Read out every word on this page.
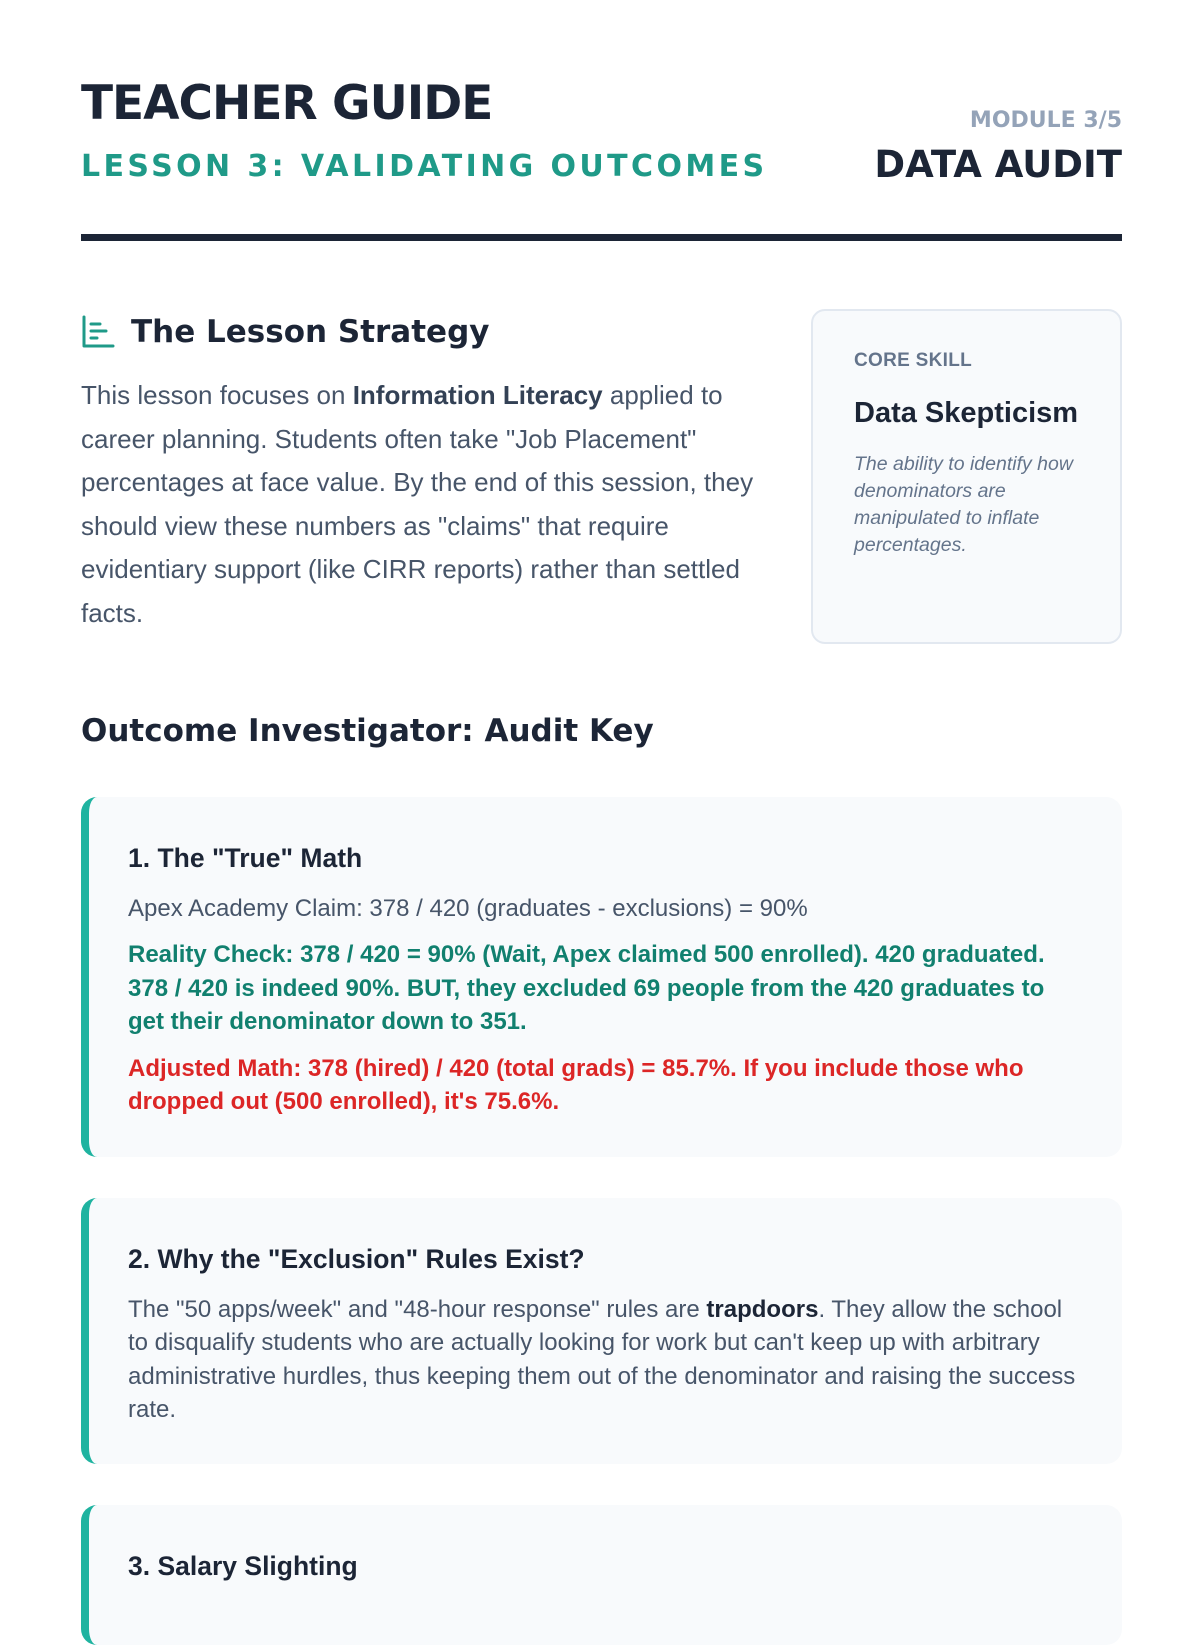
TEACHER GUIDE
LESSON 3: VALIDATING OUTCOMES
MODULE 3/5
DATA AUDIT
The Lesson Strategy

This lesson focuses on Information Literacy applied to career planning. Students often take "Job Placement" percentages at face value. By the end of this session, they should view these numbers as "claims" that require evidentiary support (like CIRR reports) rather than settled facts.

CORE SKILL
Data Skepticism
The ability to identify how denominators are manipulated to inflate percentages.
Outcome Investigator: Audit Key
1. The "True" Math
Apex Academy Claim: 378 / 420 (graduates - exclusions) = 90%
Reality Check: 378 / 420 = 90% (Wait, Apex claimed 500 enrolled). 420 graduated. 378 / 420 is indeed 90%. BUT, they excluded 69 people from the 420 graduates to get their denominator down to 351.
Adjusted Math: 378 (hired) / 420 (total grads) = 85.7%. If you include those who dropped out (500 enrolled), it's 75.6%.
2. Why the "Exclusion" Rules Exist?
The "50 apps/week" and "48-hour response" rules are trapdoors. They allow the school to disqualify students who are actually looking for work but can't keep up with arbitrary administrative hurdles, thus keeping them out of the denominator and raising the success rate.
3. Salary Slighting
